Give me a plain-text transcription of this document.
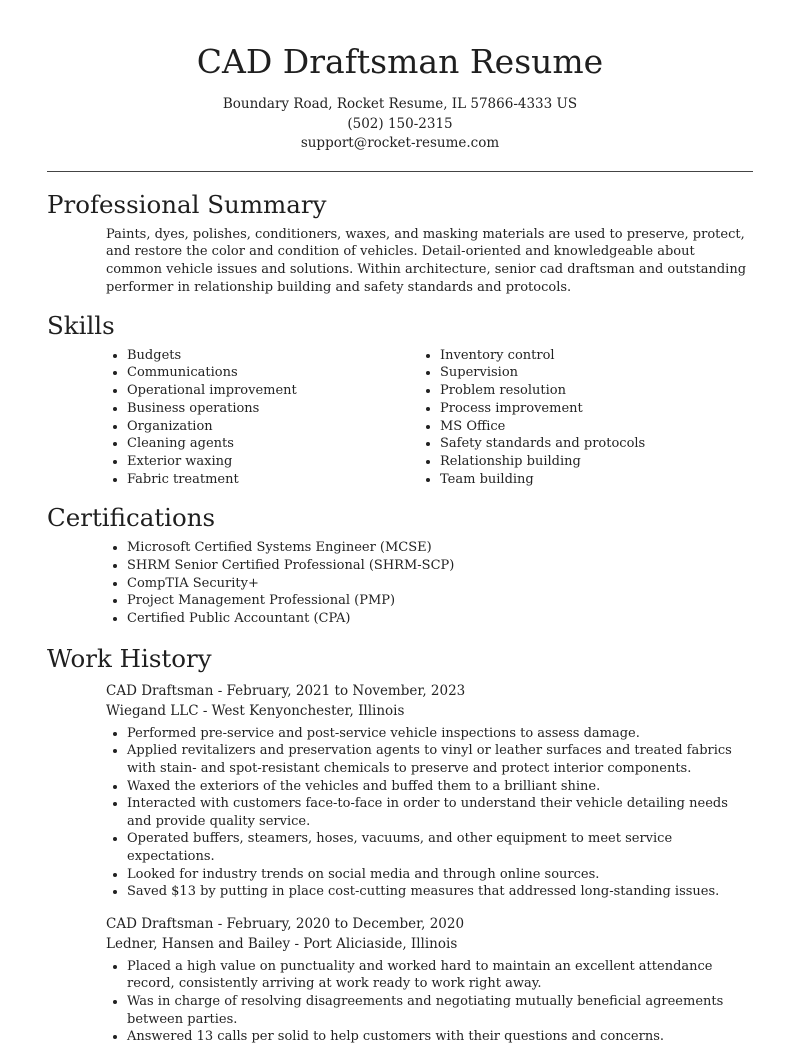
CAD Draftsman Resume
Boundary Road, Rocket Resume, IL 57866-4333 US
(502) 150-2315
support@rocket-resume.com
Professional Summary

Paints, dyes, polishes, conditioners, waxes, and masking materials are used to preserve, protect, and restore the color and condition of vehicles. Detail-oriented and knowledgeable about common vehicle issues and solutions. Within architecture, senior cad draftsman and outstanding performer in relationship building and safety standards and protocols.

Skills
• Budgets
• Communications
• Operational improvement
• Business operations
• Organization
• Cleaning agents
• Exterior waxing
• Fabric treatment
• Inventory control
• Supervision
• Problem resolution
• Process improvement
• MS Office
• Safety standards and protocols
• Relationship building
• Team building
Certifications
• Microsoft Certified Systems Engineer (MCSE)
• SHRM Senior Certified Professional (SHRM-SCP)
• CompTIA Security+
• Project Management Professional (PMP)
• Certified Public Accountant (CPA)
Work History
CAD Draftsman - February, 2021 to November, 2023
Wiegand LLC - West Kenyonchester, Illinois
• Performed pre-service and post-service vehicle inspections to assess damage.
• Applied revitalizers and preservation agents to vinyl or leather surfaces and treated fabrics with stain- and spot-resistant chemicals to preserve and protect interior components.
• Waxed the exteriors of the vehicles and buffed them to a brilliant shine.
• Interacted with customers face-to-face in order to understand their vehicle detailing needs and provide quality service.
• Operated buffers, steamers, hoses, vacuums, and other equipment to meet service expectations.
• Looked for industry trends on social media and through online sources.
• Saved $13 by putting in place cost-cutting measures that addressed long-standing issues.
CAD Draftsman - February, 2020 to December, 2020
Ledner, Hansen and Bailey - Port Aliciaside, Illinois
• Placed a high value on punctuality and worked hard to maintain an excellent attendance record, consistently arriving at work ready to work right away.
• Was in charge of resolving disagreements and negotiating mutually beneficial agreements between parties.
• Answered 13 calls per solid to help customers with their questions and concerns.
